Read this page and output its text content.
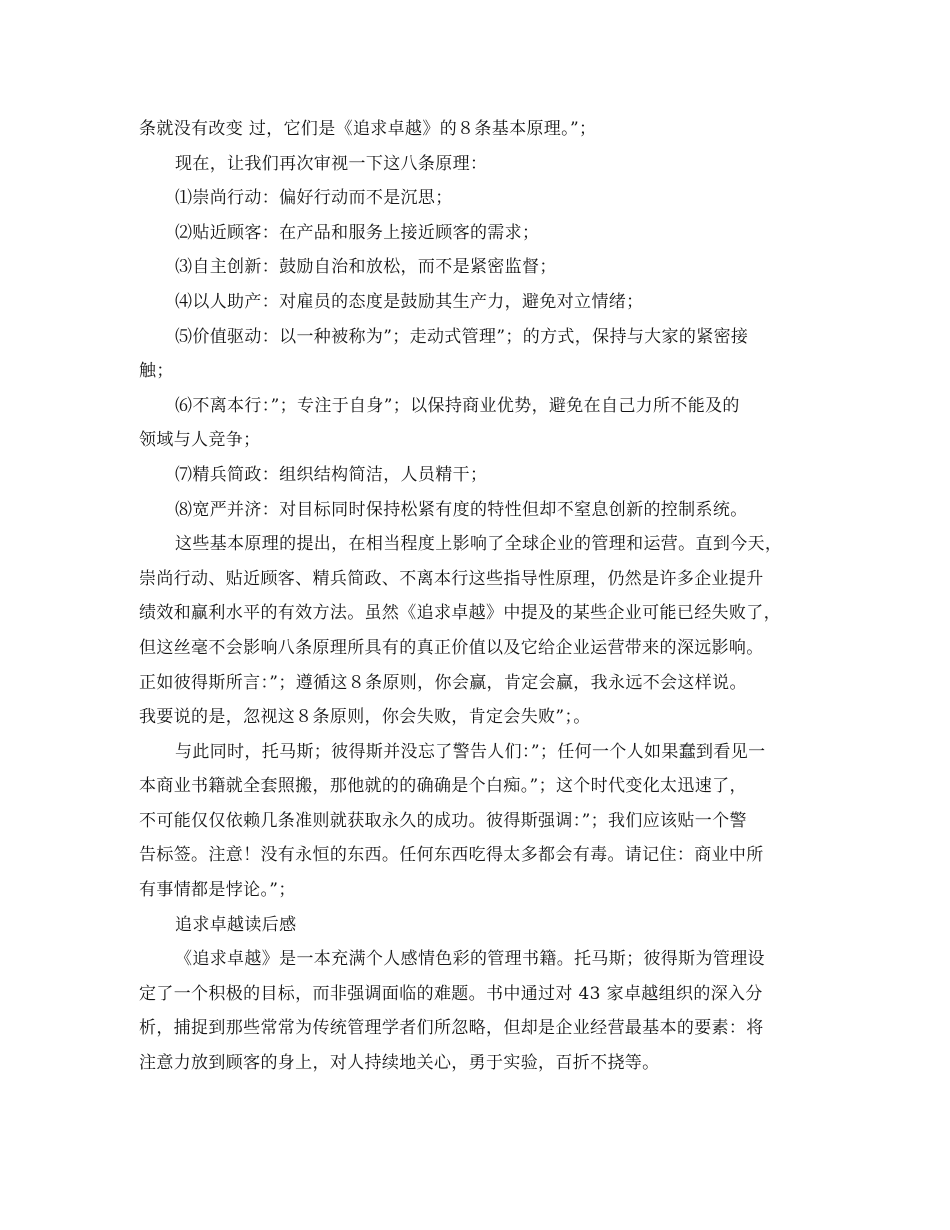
条就没有改变 过，它们是《追求卓越》的８条基本原理。”；
现在，让我们再次审视一下这八条原理：
⑴崇尚行动：偏好行动而不是沉思；
⑵贴近顾客：在产品和服务上接近顾客的需求；
⑶自主创新：鼓励自治和放松，而不是紧密监督；
⑷以人助产：对雇员的态度是鼓励其生产力，避免对立情绪；
⑸价值驱动：以一种被称为”；走动式管理”；的方式，保持与大家的紧密接
触；
⑹不离本行：”；专注于自身”；以保持商业优势，避免在自己力所不能及的
领域与人竞争；
⑺精兵简政：组织结构简洁，人员精干；
⑻宽严并济：对目标同时保持松紧有度的特性但却不窒息创新的控制系统。
这些基本原理的提出，在相当程度上影响了全球企业的管理和运营。直到今天，
崇尚行动、贴近顾客、精兵简政、不离本行这些指导性原理，仍然是许多企业提升
绩效和赢利水平的有效方法。虽然《追求卓越》中提及的某些企业可能已经失败了，
但这丝毫不会影响八条原理所具有的真正价值以及它给企业运营带来的深远影响。
正如彼得斯所言：”；遵循这８条原则，你会赢，肯定会赢，我永远不会这样说。
我要说的是，忽视这８条原则，你会失败，肯定会失败”；。
与此同时，托马斯；彼得斯并没忘了警告人们：”；任何一个人如果蠢到看见一
本商业书籍就全套照搬，那他就的的确确是个白痴。”；这个时代变化太迅速了，
不可能仅仅依赖几条准则就获取永久的成功。彼得斯强调：”；我们应该贴一个警
告标签。注意！没有永恒的东西。任何东西吃得太多都会有毒。请记住：商业中所
有事情都是悖论。”；
追求卓越读后感
《追求卓越》是一本充满个人感情色彩的管理书籍。托马斯；彼得斯为管理设
定了一个积极的目标，而非强调面临的难题。书中通过对 43 家卓越组织的深入分
析，捕捉到那些常常为传统管理学者们所忽略，但却是企业经营最基本的要素：将
注意力放到顾客的身上，对人持续地关心，勇于实验，百折不挠等。
